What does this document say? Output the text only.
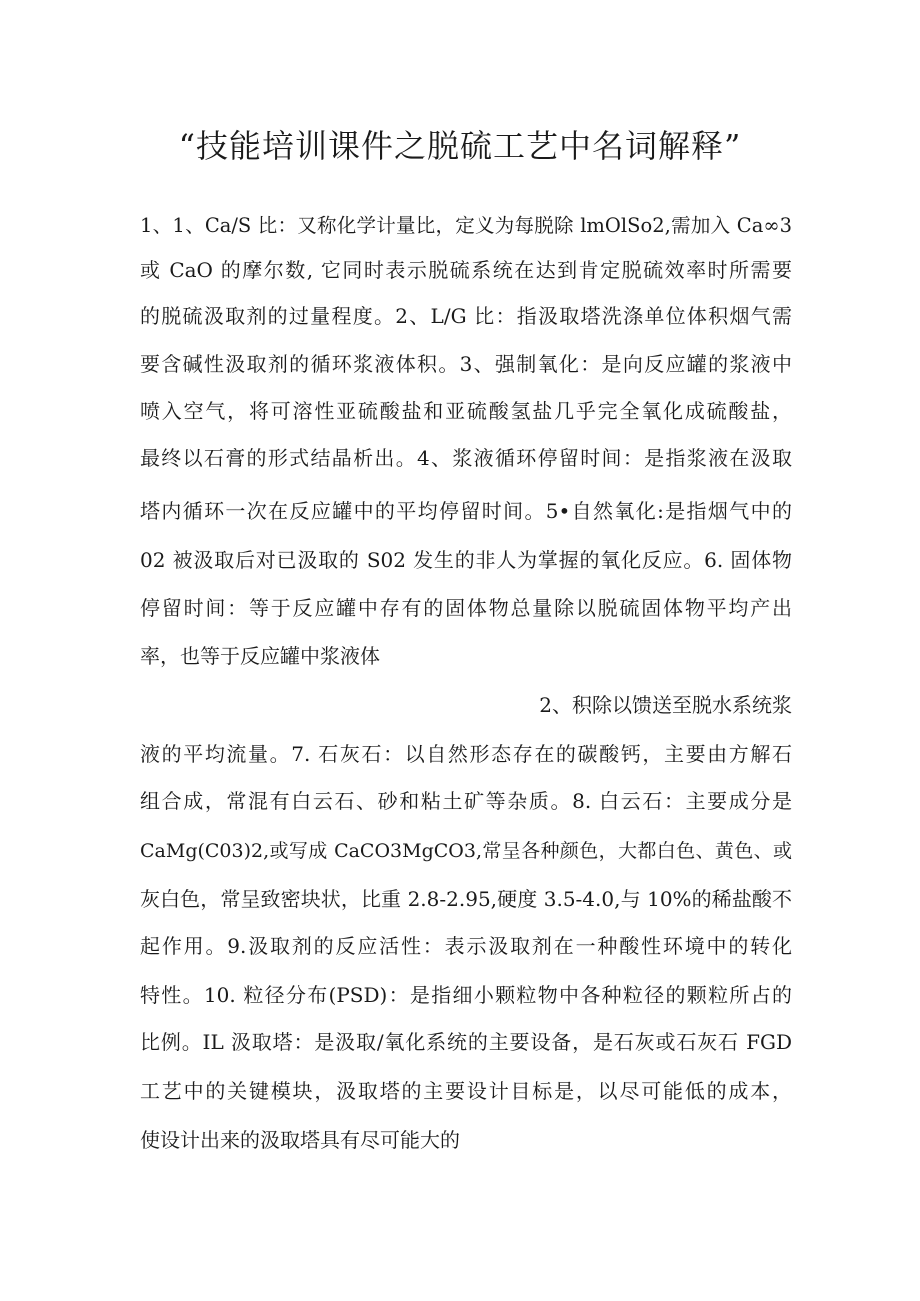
“技能培训课件之脱硫工艺中名词解释”
1、1、Ca/S 比：又称化学计量比，定义为每脱除 lmOlSo2,需加入 Ca∞3
或 CaO 的摩尔数, 它同时表示脱硫系统在达到肯定脱硫效率时所需要
的脱硫汲取剂的过量程度。2、L/G 比：指汲取塔洗涤单位体积烟气需
要含碱性汲取剂的循环浆液体积。3、强制氧化：是向反应罐的浆液中
喷入空气，将可溶性亚硫酸盐和亚硫酸氢盐几乎完全氧化成硫酸盐，
最终以石膏的形式结晶析出。4、浆液循环停留时间：是指浆液在汲取
塔内循环一次在反应罐中的平均停留时间。5•自然氧化:是指烟气中的
02 被汲取后对已汲取的 S02 发生的非人为掌握的氧化反应。6. 固体物
停留时间：等于反应罐中存有的固体物总量除以脱硫固体物平均产出
率，也等于反应罐中浆液体
2、积除以馈送至脱水系统浆
液的平均流量。7. 石灰石：以自然形态存在的碳酸钙，主要由方解石
组合成，常混有白云石、砂和粘土矿等杂质。8. 白云石：主要成分是
CaMg(C03)2,或写成 CaCO3MgCO3,常呈各种颜色，大都白色、黄色、或
灰白色，常呈致密块状，比重 2.8-2.95,硬度 3.5-4.0,与 10%的稀盐酸不
起作用。9.汲取剂的反应活性：表示汲取剂在一种酸性环境中的转化
特性。10. 粒径分布(PSD)：是指细小颗粒物中各种粒径的颗粒所占的
比例。IL 汲取塔：是汲取/氧化系统的主要设备，是石灰或石灰石 FGD
工艺中的关键模块，汲取塔的主要设计目标是，以尽可能低的成本，
使设计出来的汲取塔具有尽可能大的
